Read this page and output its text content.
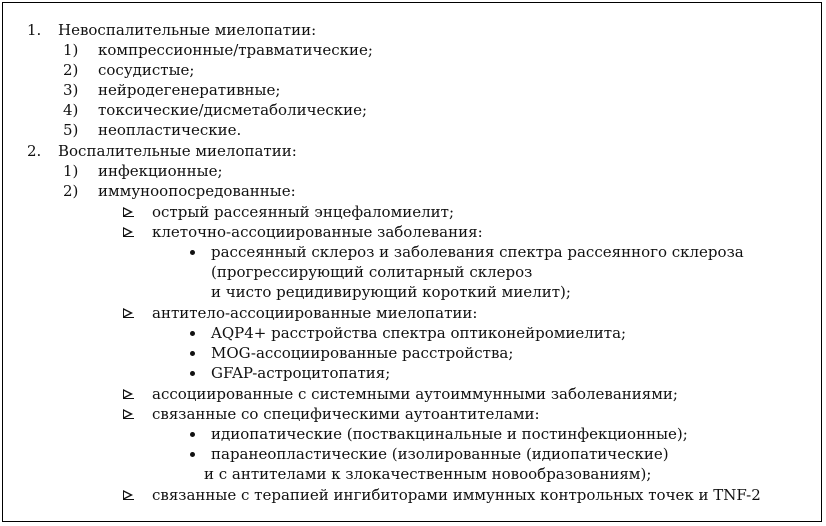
1. Невоспалительные миелопатии:
1) компрессионные/травматические;
2) сосудистые;
3) нейродегенеративные;
4) токсические/дисметаболические;
5) неопластические.
2. Воспалительные миелопатии:
1) инфекционные;
2) иммуноопосредованные:
острый рассеянный энцефаломиелит;
клеточно-ассоциированные заболевания:
рассеянный склероз и заболевания спектра рассеянного склероза
(прогрессирующий солитарный склероз
и чисто рецидивирующий короткий миелит);
антитело-ассоциированные миелопатии:
AQP4+ расстройства спектра оптиконейромиелита;
MOG-ассоциированные расстройства;
GFAP-астроцитопатия;
ассоциированные с системными аутоиммунными заболеваниями;
связанные со специфическими аутоантителами:
идиопатические (поствакцинальные и постинфекционные);
паранеопластические (изолированные (идиопатические)
и с антителами к злокачественным новообразованиям);
связанные с терапией ингибиторами иммунных контрольных точек и TNF-2
